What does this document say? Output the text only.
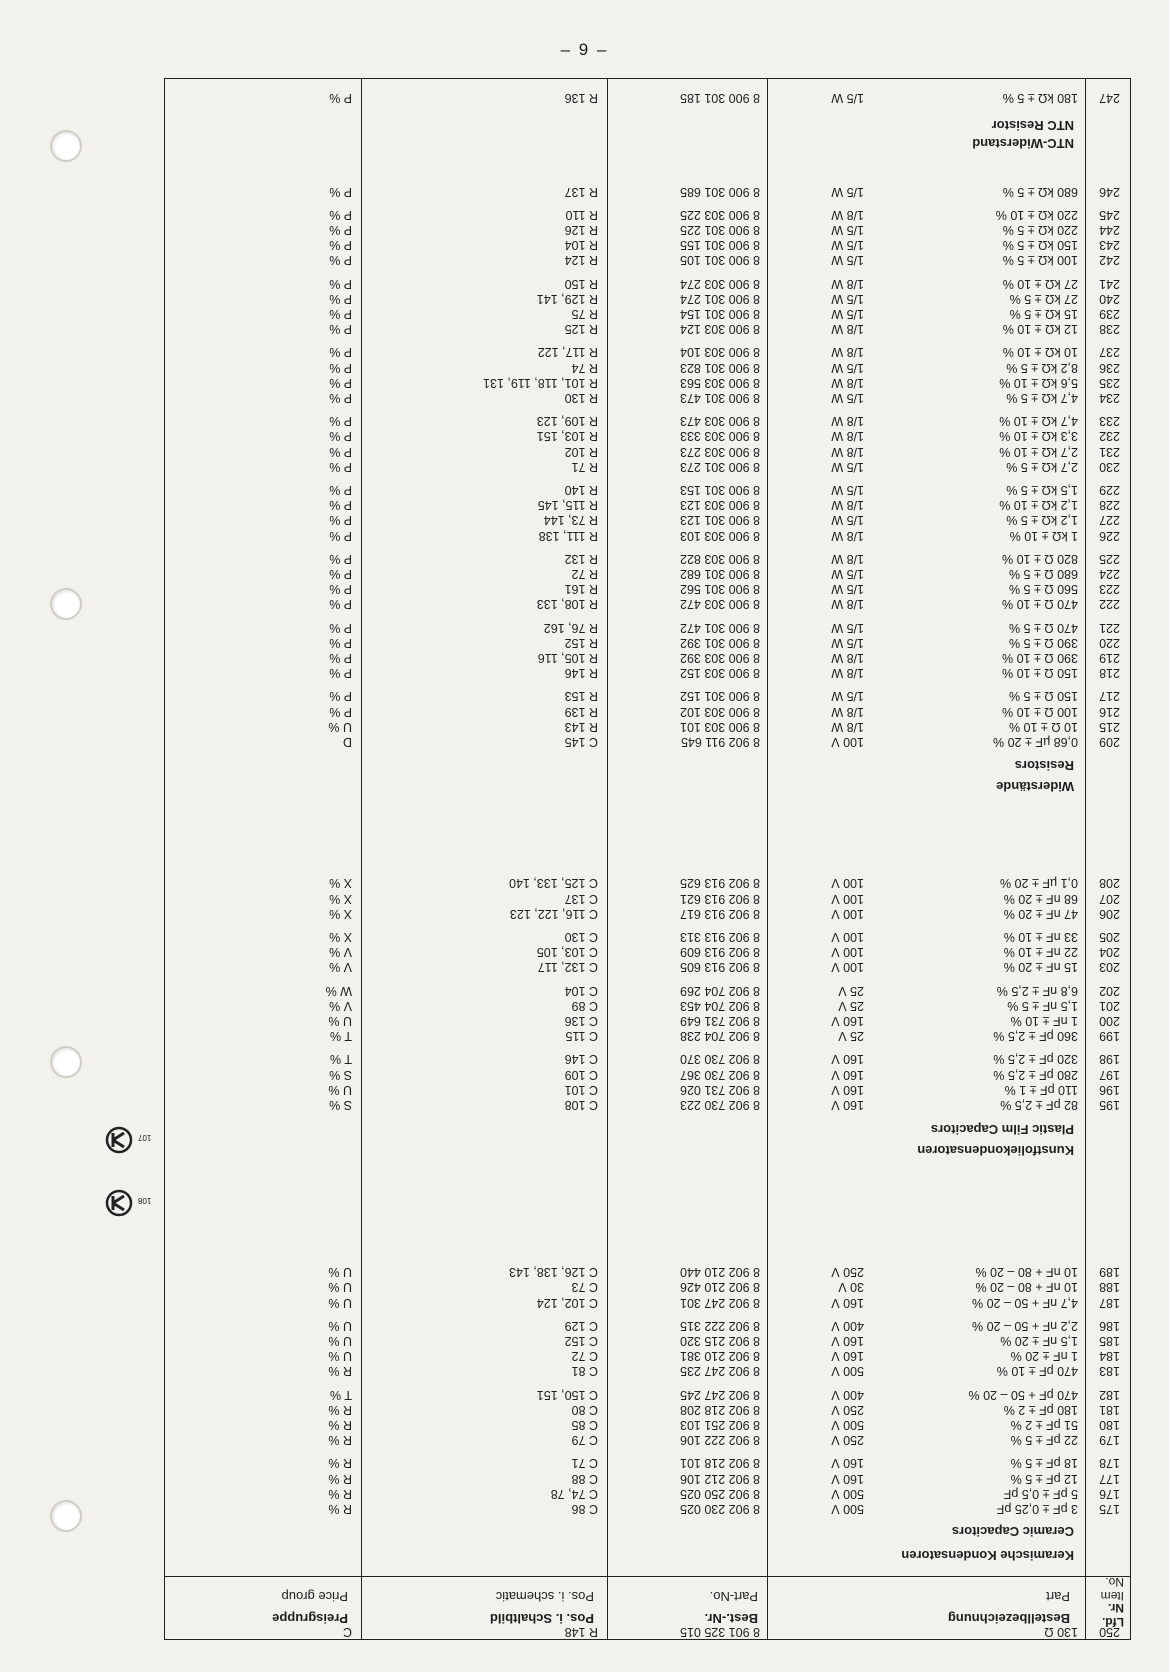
– 9 –
107
108
Lfd. Nr.
Item No.
Bestellbezeichnung
Part
Best.-Nr.
Part-No.
Pos. i. Schaltbild
Pos. i. schematic
Preisgruppe
Price group
Keramische Kondensatoren
Ceramic Capacitors
Kunstfoliekondensatoren
Plastic Film Capacitors
Widerstände
Resistors
NTC-Widerstand
NTC Resistor
175
3 pF ± 0,25 pF
500 V
8 902 230 025
C 86
R %
176
5 pF ± 0,5 pF
500 V
8 902 250 025
C 74, 78
R %
177
12 pF ± 5 %
160 V
8 902 212 106
C 88
R %
178
18 pF ± 5 %
160 V
8 902 218 101
C 71
R %
179
22 pF ± 5 %
250 V
8 902 222 106
C 79
R %
180
51 pF ± 2 %
500 V
8 902 251 103
C 85
R %
181
180 pF ± 2 %
250 V
8 902 218 208
C 80
R %
182
470 pF + 50 – 20 %
400 V
8 902 247 245
C 150, 151
T %
183
470 pF ± 10 %
500 V
8 902 247 235
C 81
R %
184
1 nF ± 20 %
160 V
8 902 210 381
C 72
U %
185
1,5 nF ± 20 %
160 V
8 902 215 320
C 152
U %
186
2,2 nF + 50 – 20 %
400 V
8 902 222 315
C 129
U %
187
4,7 nF + 50 – 20 %
160 V
8 902 247 301
C 102, 124
U %
188
10 nF + 80 – 20 %
30 V
8 902 210 426
C 73
U %
189
10 nF + 80 – 20 %
250 V
8 902 210 440
C 126, 138, 143
U %
195
82 pF ± 2,5 %
160 V
8 902 730 223
C 108
S %
196
110 pF ± 1 %
160 V
8 902 731 026
C 101
U %
197
280 pF ± 2,5 %
160 V
8 902 730 367
C 109
S %
198
320 pF ± 2,5 %
160 V
8 902 730 370
C 146
T %
199
360 pF ± 2,5 %
25 V
8 902 704 238
C 115
T %
200
1 nF ± 10 %
160 V
8 902 731 649
C 136
U %
201
1,5 nF ± 5 %
25 V
8 902 704 453
C 89
V %
202
6,8 nF ± 2,5 %
25 V
8 902 704 269
C 104
W %
203
15 nF ± 20 %
100 V
8 902 913 605
C 132, 117
V %
204
22 nF ± 10 %
100 V
8 902 913 609
C 103, 105
V %
205
33 nF ± 10 %
100 V
8 902 913 313
C 130
X %
206
47 nF ± 20 %
100 V
8 902 913 617
C 116, 122, 123
X %
207
68 nF ± 20 %
100 V
8 902 913 621
C 137
X %
208
0,1 µF ± 20 %
100 V
8 902 913 625
C 125, 133, 140
X %
209
0,68 µF ± 20 %
100 V
8 902 911 645
C 145
D
215
10 Ω ± 10 %
1/8 W
8 900 303 101
R 143
U %
216
100 Ω ± 10 %
1/8 W
8 900 303 102
R 139
P %
217
150 Ω ± 5 %
1/5 W
8 900 301 152
R 153
P %
218
150 Ω ± 10 %
1/8 W
8 900 303 152
R 146
P %
219
390 Ω ± 10 %
1/8 W
8 900 303 392
R 105, 116
P %
220
390 Ω ± 5 %
1/5 W
8 900 301 392
R 152
P %
221
470 Ω ± 5 %
1/5 W
8 900 301 472
R 76, 162
P %
222
470 Ω ± 10 %
1/8 W
8 900 303 472
R 108, 133
P %
223
560 Ω ± 5 %
1/5 W
8 900 301 562
R 161
P %
224
680 Ω ± 5 %
1/5 W
8 900 301 682
R 72
P %
225
820 Ω ± 10 %
1/8 W
8 900 303 822
R 132
P %
226
1 kΩ ± 10 %
1/8 W
8 900 303 103
R 111, 138
P %
227
1,2 kΩ ± 5 %
1/5 W
8 900 301 123
R 73, 144
P %
228
1,2 kΩ ± 10 %
1/8 W
8 900 303 123
R 115, 145
P %
229
1,5 kΩ ± 5 %
1/5 W
8 900 301 153
R 140
P %
230
2,7 kΩ ± 5 %
1/5 W
8 900 301 273
R 71
P %
231
2,7 kΩ ± 10 %
1/8 W
8 900 303 273
R 102
P %
232
3,3 kΩ ± 10 %
1/8 W
8 900 303 333
R 103, 151
P %
233
4,7 kΩ ± 10 %
1/8 W
8 900 303 473
R 109, 123
P %
234
4,7 kΩ ± 5 %
1/5 W
8 900 301 473
R 130
P %
235
5,6 kΩ ± 10 %
1/8 W
8 900 303 563
R 101, 118, 119, 131
P %
236
8,2 kΩ ± 5 %
1/5 W
8 900 301 823
R 74
P %
237
10 kΩ ± 10 %
1/8 W
8 900 303 104
R 117, 122
P %
238
12 kΩ ± 10 %
1/8 W
8 900 303 124
R 125
P %
239
15 kΩ ± 5 %
1/5 W
8 900 301 154
R 75
P %
240
27 kΩ ± 5 %
1/5 W
8 900 301 274
R 129, 141
P %
241
27 kΩ ± 10 %
1/8 W
8 900 303 274
R 150
P %
242
100 kΩ ± 5 %
1/5 W
8 900 301 105
R 124
P %
243
150 kΩ ± 5 %
1/5 W
8 900 301 155
R 104
P %
244
220 kΩ ± 5 %
1/5 W
8 900 301 225
R 126
P %
245
220 kΩ ± 10 %
1/8 W
8 900 303 225
R 110
P %
246
680 kΩ ± 5 %
1/5 W
8 900 301 685
R 137
P %
247
180 kΩ ± 5 %
1/5 W
8 900 301 185
R 136
P %
250
130 Ω
8 901 325 015
R 148
C
